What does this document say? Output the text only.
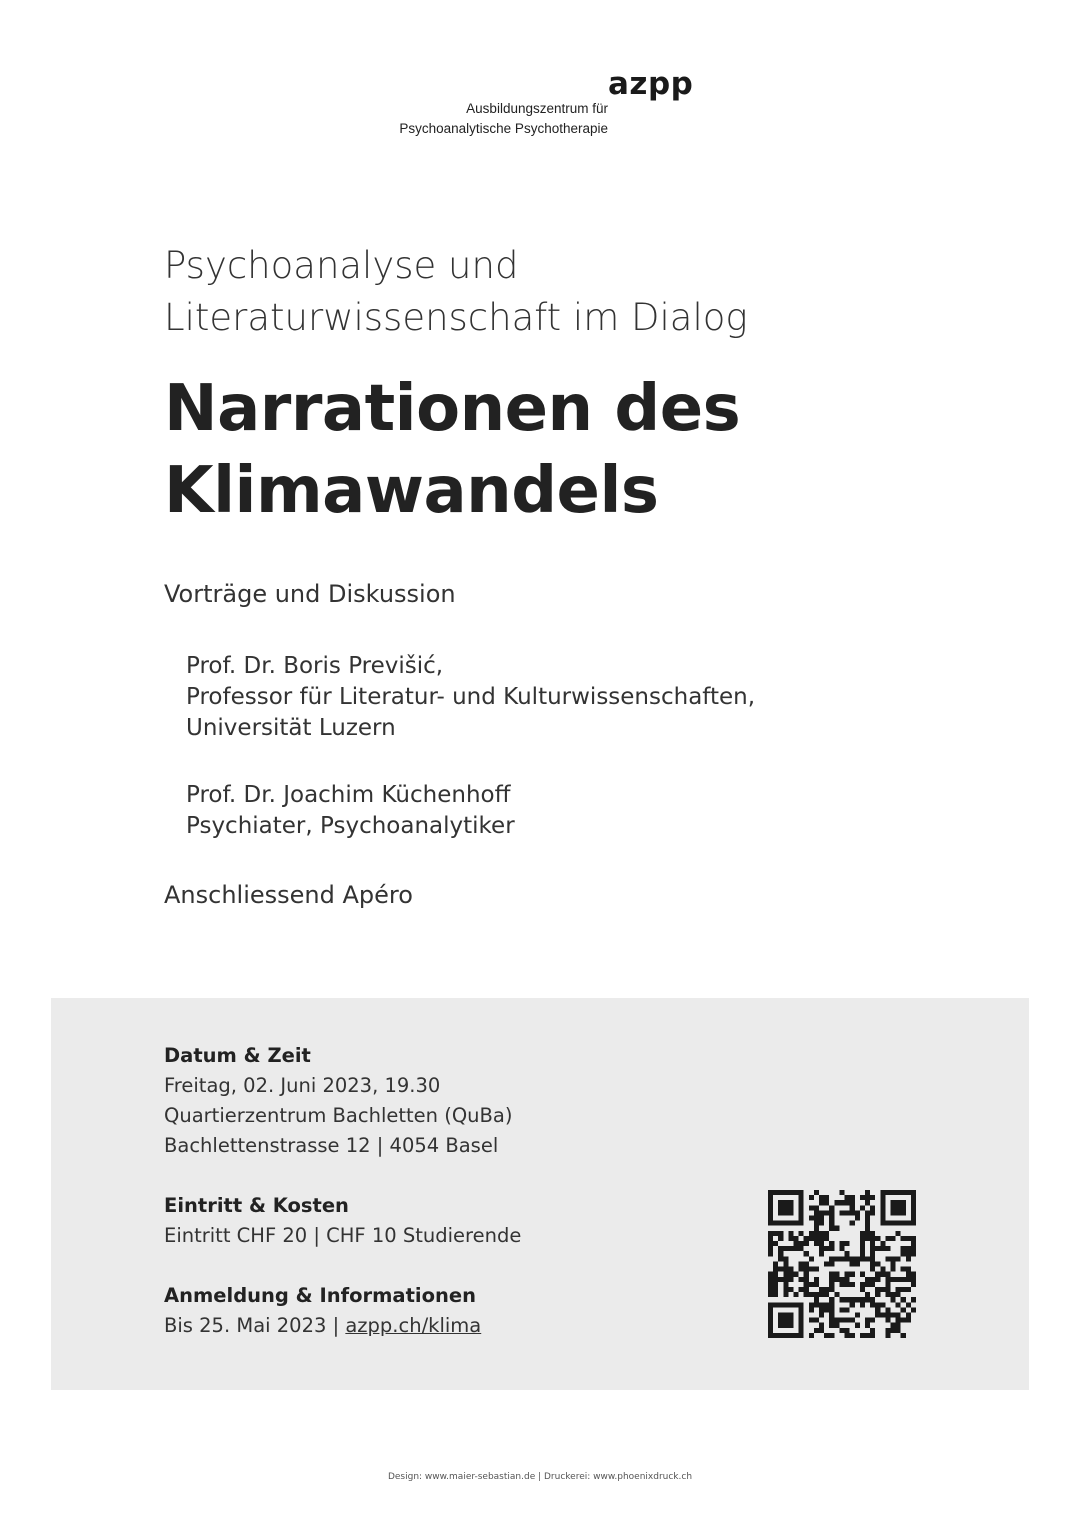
azpp
Ausbildungszentrum für
Psychoanalytische Psychotherapie
Psychoanalyse und
Literaturwissenschaft im Dialog
Narrationen des
Klimawandels
Vorträge und Diskussion
Prof. Dr. Boris Previšić,
Professor für Literatur- und Kulturwissenschaften,
Universität Luzern
Prof. Dr. Joachim Küchenhoff
Psychiater, Psychoanalytiker
Anschliessend Apéro
Datum & Zeit
Freitag, 02. Juni 2023, 19.30
Quartierzentrum Bachletten (QuBa)
Bachlettenstrasse 12 | 4054 Basel
Eintritt & Kosten
Eintritt CHF 20 | CHF 10 Studierende
Anmeldung & Informationen
Bis 25. Mai 2023 | azpp.ch/klima
Design: www.maier-sebastian.de | Druckerei: www.phoenixdruck.ch
